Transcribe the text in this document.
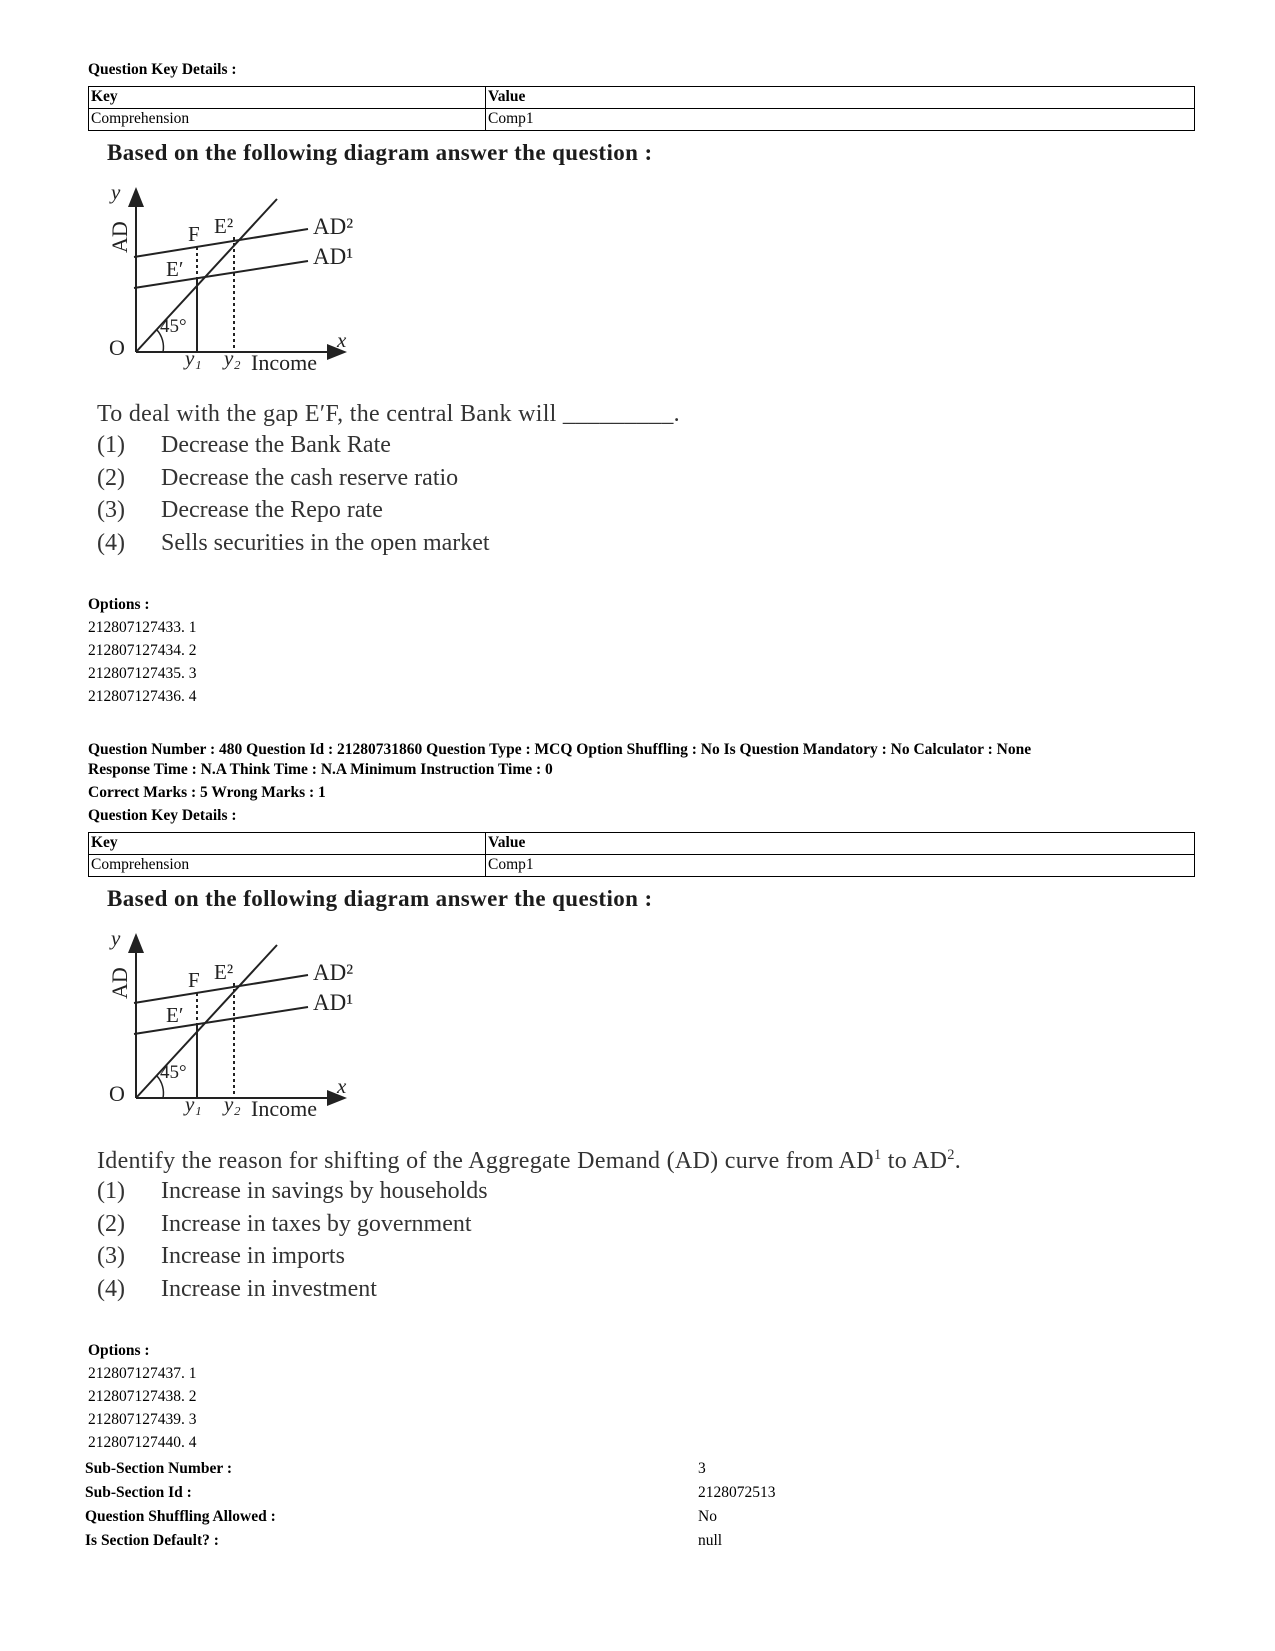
Question Key Details :
Key	Value
Comprehension	Comp1
Based on the following diagram answer the question :
y
AD	F E²	AD²
AD¹
E′
45°
O	y₁ y₂ Income
x
To deal with the gap E′F, the central Bank will _________.
(1) Decrease the Bank Rate
(2) Decrease the cash reserve ratio
(3) Decrease the Repo rate
(4) Sells securities in the open market
Options :
212807127433. 1
212807127434. 2
212807127435. 3
212807127436. 4
Question Number : 480 Question Id : 21280731860 Question Type : MCQ Option Shuffling : No Is Question Mandatory : No Calculator : None
Response Time : N.A Think Time : N.A Minimum Instruction Time : 0
Correct Marks : 5 Wrong Marks : 1
Question Key Details :
Key	Value
Comprehension	Comp1
Based on the following diagram answer the question :
y
AD	F E²	AD²
AD¹
E′
45°
O	y₁ y₂ Income
x
Identify the reason for shifting of the Aggregate Demand (AD) curve from $AD^1$ to $AD^2$.
(1) Increase in savings by households
(2) Increase in taxes by government
(3) Increase in imports
(4) Increase in investment
Options :
212807127437. 1
212807127438. 2
212807127439. 3
212807127440. 4
Sub-Section Number :	3
Sub-Section Id :	2128072513
Question Shuffling Allowed :	No
Is Section Default? :	null
